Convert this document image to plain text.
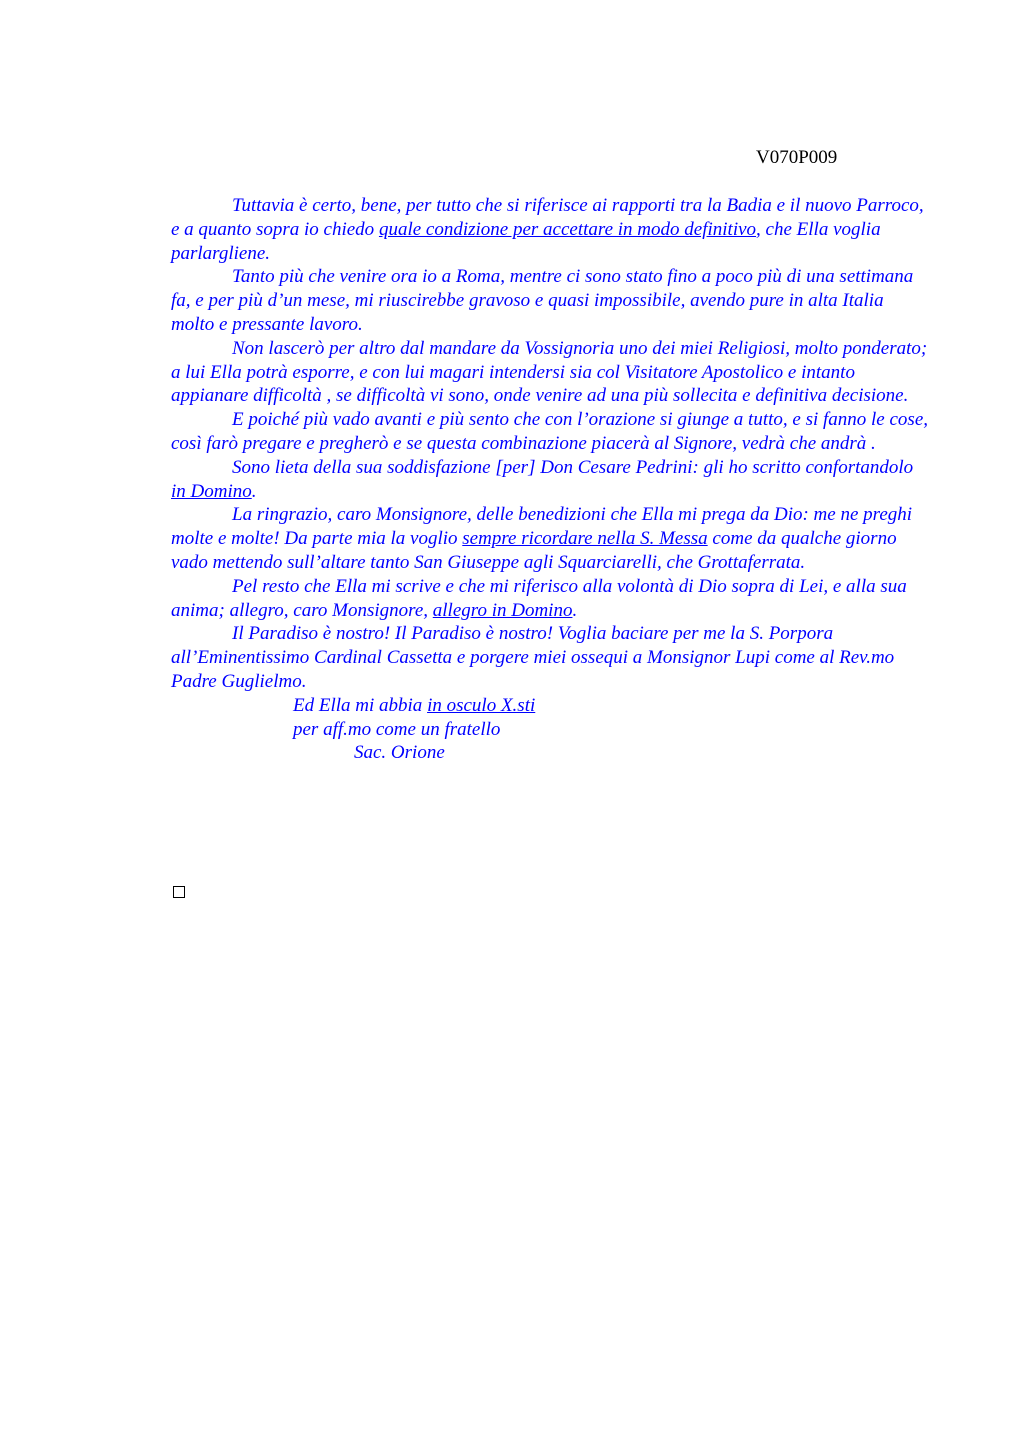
V070P009

Tuttavia è certo, bene, per tutto che si riferisce ai rapporti tra la Badia e il nuovo Parroco, e a quanto sopra io chiedo quale condizione per accettare in modo definitivo, che Ella voglia parlargliene.

Tanto più che venire ora io a Roma, mentre ci sono stato fino a poco più di una settimana fa, e per più d’un mese, mi riuscirebbe gravoso e quasi impossibile, avendo pure in alta Italia molto e pressante lavoro.

Non lascerò per altro dal mandare da Vossignoria uno dei miei Religiosi, molto ponderato; a lui Ella potrà esporre, e con lui magari intendersi sia col Visitatore Apostolico e intanto appianare difficoltà , se difficoltà vi sono, onde venire ad una più sollecita e definitiva decisione.

E poiché più vado avanti e più sento che con l’orazione si giunge a tutto, e si fanno le cose, così farò pregare e pregherò e se questa combinazione piacerà al Signore, vedrà che andrà .

Sono lieta della sua soddisfazione [per] Don Cesare Pedrini: gli ho scritto confortandolo in Domino.

La ringrazio, caro Monsignore, delle benedizioni che Ella mi prega da Dio: me ne preghi molte e molte! Da parte mia la voglio sempre ricordare nella S. Messa come da qualche giorno vado mettendo sull’altare tanto San Giuseppe agli Squarciarelli, che Grottaferrata.

Pel resto che Ella mi scrive e che mi riferisco alla volontà di Dio sopra di Lei, e alla sua anima; allegro, caro Monsignore, allegro in Domino.

Il Paradiso è nostro! Il Paradiso è nostro! Voglia baciare per me la S. Porpora all’Eminentissimo Cardinal Cassetta e porgere miei ossequi a Monsignor Lupi come al Rev.mo Padre Guglielmo.

Ed Ella mi abbia in osculo X.sti

per aff.mo come un fratello

Sac. Orione
